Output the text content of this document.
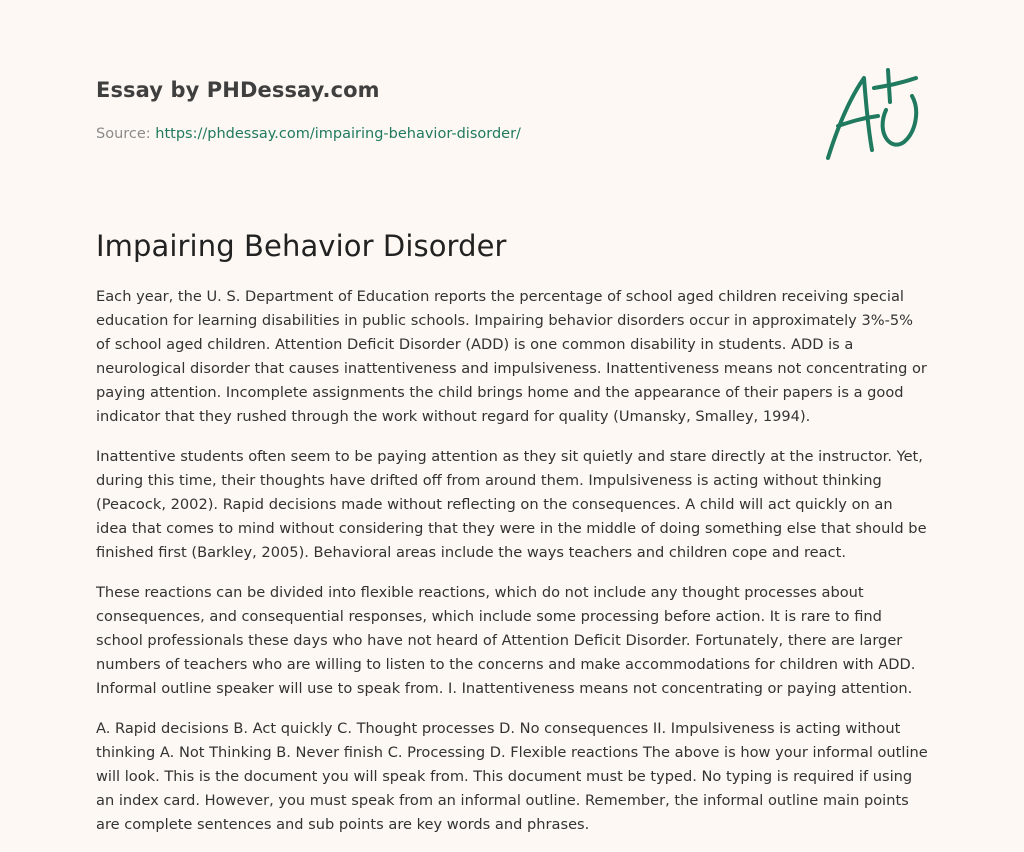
Essay by PHDessay.com
Source: https://phdessay.com/impairing-behavior-disorder/
Impairing Behavior Disorder

Each year, the U. S. Department of Education reports the percentage of school aged children receiving special education for learning disabilities in public schools. Impairing behavior disorders occur in approximately 3%-5% of school aged children. Attention Deficit Disorder (ADD) is one common disability in students. ADD is a neurological disorder that causes inattentiveness and impulsiveness. Inattentiveness means not concentrating or paying attention. Incomplete assignments the child brings home and the appearance of their papers is a good indicator that they rushed through the work without regard for quality (Umansky, Smalley, 1994).

Inattentive students often seem to be paying attention as they sit quietly and stare directly at the instructor. Yet, during this time, their thoughts have drifted off from around them. Impulsiveness is acting without thinking (Peacock, 2002). Rapid decisions made without reflecting on the consequences. A child will act quickly on an idea that comes to mind without considering that they were in the middle of doing something else that should be finished first (Barkley, 2005). Behavioral areas include the ways teachers and children cope and react.

These reactions can be divided into flexible reactions, which do not include any thought processes about consequences, and consequential responses, which include some processing before action. It is rare to find school professionals these days who have not heard of Attention Deficit Disorder. Fortunately, there are larger numbers of teachers who are willing to listen to the concerns and make accommodations for children with ADD. Informal outline speaker will use to speak from. I. Inattentiveness means not concentrating or paying attention.

A. Rapid decisions B. Act quickly C. Thought processes D. No consequences II. Impulsiveness is acting without thinking A. Not Thinking B. Never finish C. Processing D. Flexible reactions The above is how your informal outline will look. This is the document you will speak from. This document must be typed. No typing is required if using an index card. However, you must speak from an informal outline. Remember, the informal outline main points are complete sentences and sub points are key words and phrases.
